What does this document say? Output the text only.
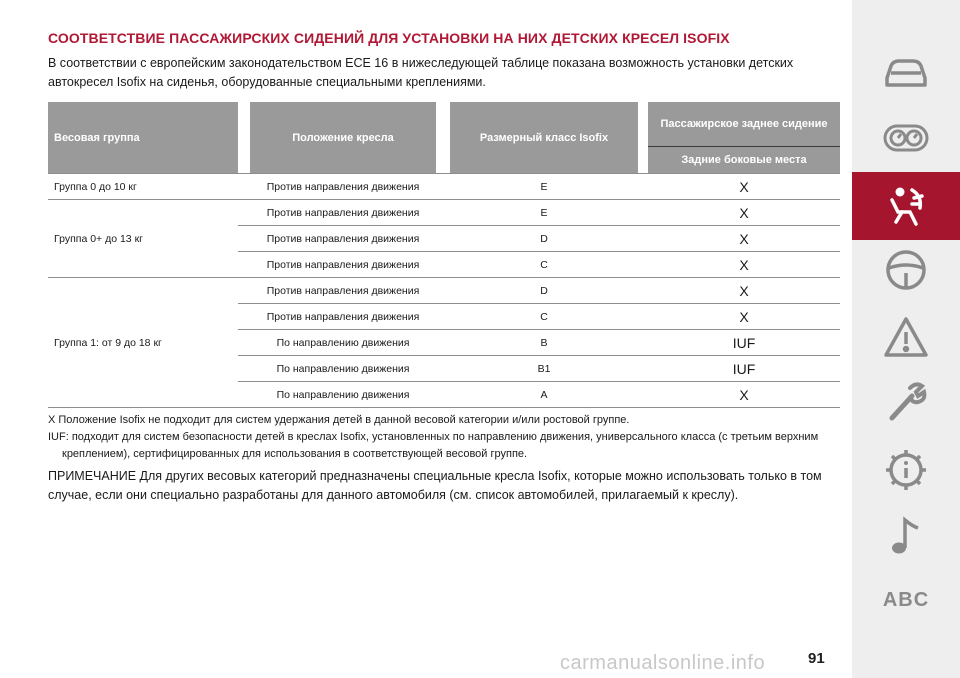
СООТВЕТСТВИЕ ПАССАЖИРСКИХ СИДЕНИЙ ДЛЯ УСТАНОВКИ НА НИХ ДЕТСКИХ КРЕСЕЛ ISOFIX

В соответствии с европейским законодательством ЕСЕ 16 в нижеследующей таблице показана возможность установки детских автокресел Isofix на сиденья, оборудованные специальными креплениями.

Весовая группа		Положение кресла		Размерный класс Isofix		Пассажирское заднее сидение
						Задние боковые места
Группа 0 до 10 кг		Против направления движения		E		X
Группа 0+ до 13 кг		Против направления движения		E		X
		Против направления движения		D		X
		Против направления движения		C		X
Группа 1: от 9 до 18 кг		Против направления движения		D		X
		Против направления движения		C		X
		По направлению движения		B		IUF
		По направлению движения		B1		IUF
		По направлению движения		A		X

X Положение Isofix не подходит для систем удержания детей в данной весовой категории и/или ростовой группе.

IUF: подходит для систем безопасности детей в креслах Isofix, установленных по направлению движения, универсального класса (с третьим верхним креплением), сертифицированных для использования в соответствующей весовой группе.

ПРИМЕЧАНИЕ Для других весовых категорий предназначены специальные кресла Isofix, которые можно использовать только в том случае, если они специально разработаны для данного автомобиля (см. список автомобилей, прилагаемый к креслу).

ABC
carmanualsonline.info	91
